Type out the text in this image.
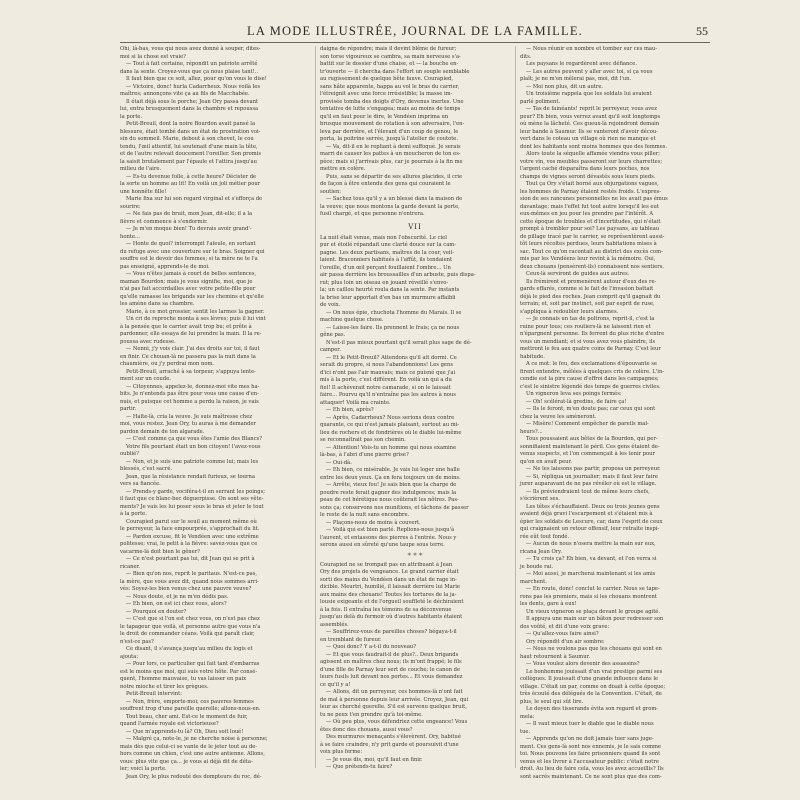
LA MODE ILLUSTRÉE, JOURNAL DE LA FAMILLE.	55
Ohi, là-bas, vous qui nous avez donné à souper, dites-
moi si la chose est vraie?
— Tout à fait certaine, répondit un patriote arrêté
dans la sente. Croyez-vous que ça nous plaise tant!..
Il faut bien que ce soit, allez, pour qu'on vous le dise!
— Victoire, donc! hurla Cadarrheux. Nous voilà les
maîtres; annonçons vite ça au fils de Macchabée.
Il était déjà sous le porche; Jean Ory passa devant
lui, entra brusquement dans la chambre et repoussa
la porte.
Petit-Breuil, dont la noire Bourdon avait pansé la
blessure, était tombé dans un état de prostration voi-
sin du sommeil. Marie, debout à son chevet, le cou
tendu, l'œil attentif, lui soutenait d'une main la tête,
et de l'autre relevait doucement l'oreiller. Son promis
la saisit brutalement par l'épaule et l'attira jusqu'au
milieu de l'aire.
— Es-tu devenue folle, à cette heure? Décister de
la sorte un homme au lit! En voilà un joli métier pour
une honnête fille!
Marie fixa sur lui son regard virginal et s'efforça de
sourire:
— Ne fais pas de bruit, mon Jean, dit-elle; il a la
fièvre et commence à s'endormir.
— Je m'en moque bien! Tu devrais avoir grand'-
honte...
— Honte de quoi? interrompit l'aïeule, en sortant
du refuge avec une couverture sur le bras. Soigner qui
souffre est le devoir des femmes; si ta mère ne te l'a
pas enseigné, apprends-le de moi.
— Vous n'êtes jamais à court de belles sentences,
maman Bourdon; mais je vous signifie, moi, que je
n'ai pas fait accordailles avec votre petite-fille pour
qu'elle ramasse les brigands sur les chemins et qu'elle
les amène dans sa chambre.
Marie, à ce mot grossier, sentit les larmes la gagner.
Un cri de reproche monta à ses lèvres; puis il lui vint
à la pensée que le carrier avait trop bu; et prête à
pardonner, elle essaya de lui prendre la main. Il la re-
poussa avec rudesse.
— Nenni, j'y vois clair. J'ai des droits sur toi, il faut
en finir. Ce chouan-là ne passera pas la nuit dans la
chaumière, ou j'y perdrai mon nom.
Petit-Breuil, arraché à sa torpeur, s'appuya lente-
ment sur un coude.
— Citoyennes, appelez-le, donnez-moi vite mes ha-
bits. Je n'entends pas être pour vous une cause d'en-
nuis, et puisque cet homme a perdu la raison, je vais
partir.
— Halte-là, cria la veuve. Je suis maîtresse chez
moi, vous restez. Jean Ory, tu auras à me demander
pardon demain de ton algarade.
— C'est comme ça que vous êtes l'amie des Blancs?
Votre fils pourtant était un bon citoyen! l'avez-vous
oublié?
— Non, et je suis une patriote comme lui; mais les
blessés, c'est sacré.
Jean, que la résistance rendait furieux, se tourna
vers sa fiancée.
— Prends-y garde, vociféra-t-il en serrant les poings;
il faut que ce blanc-bec déguerpisse. On sont ses vête-
ments? Je vais les lui poser sous le bras et jeter le tout
à la porte.
Courapied parut sur le seuil au moment même où
le perreyeur, la face empourprée, s'approchait du lit.
— Pardon excuse, fit le Vendéen avec une extrême
politesse; vrai, le petit à la fièvre: savez-vous que ce
vacarme-là doit bien le gêner?
— Ce n'est pourtant pas lui, dit Jean qui se prit à
ricaner.
— Bien qu'on nos, reprit le paritaus. N'est-ce pas,
la mère, que vous avez dit, quand nous sommes arri-
vés: Soyez-les bien venus chez une pauvre veuve?
— Nous doute, et je ne m'en dédis pas.
— Eh bien, on est ici chez vous, alors?
— Pourquoi en douter?
— C'est que si l'on est chez vous, on n'est pas chez
le tapageur que voilà, et personne autre que vous n'a
le droit de commander céans. Voilà qui paraît clair,
n'est-ce pas?
Ce disant, il s'avança jusqu'au milieu du logis et
ajouta:
— Pour lors, ce particulier qui fait tant d'embarras
est le moins que moi, qui suis votre hôte. Par consé-
quent, l'homme mauvaise, tu vas laisser en paix
notre mioche et tirer les grègues.
Petit-Breuil intervint:
— Non, frère, emporte-moi; ces pauvres femmes
souffrent trop d'une pareille querelle; allons-nous-en.
Tout beau, cher ami. Est-ce le moment de fuir,
quand l'armée royale est victorieuse?
— Que m'apprends-tu là? Oh, Dieu soit loué!
— Malgré ça, note-le, je ne cherche noise à personne;
mais dès que celui-ci se vante de le jeter tout au de-
hors comme un chien, c'est une autre antienne. Allons,
vous: plus vite que ça... je vous ai déjà dit de déta-
ler; voici la porte.
Jean Ory, le plus redouté des dompteurs du roc, dé-
daigna de répondre; mais il devint blême de fureur;
son torse vigoureux se cambra, sa main nerveuse s'a-
battit sur le dossier d'une chaise, et — la bouche en-
tr'ouverte — il chercha dans l'effort un souple semblable
au rugissement de quelque bête fauve. Courapied,
sans hâte apparente, happa au vol le bras du carrier,
l'étreignit avec une force irrésistible; la masse im-
provisée tomba des doigts d'Ory, devenus inertes. Une
tentative de lutte s'engagea; mais au moins de temps
qu'il en faut pour le dire, le Vendéen imprima un
brusque mouvement de rotation à son adversaire, l'en-
leva par derrière, et l'élevant d'un coup de genou, le
porta, la poitrine serrée, jusqu'à l'atelier de coutote.
— Va, dit-il en le repliant à demi suffoqué. Je serais
marri de causer les pattes à un moucheron de ton es-
pèce; mais si j'arrivais plus, car je pourrais à la fin me
mettre en colère.
Puis, sans se départir de ses allures placides, il crie
de façon à être entendu des gens qui couraient le
soutien:
— Sachez tous qu'il y a un blessé dans la maison de
la veuve; que nous montons la garde devant la porte,
fusil chargé, et que personne n'entrera.
VII
La nuit était venue, mais non l'obscurité. Le ciel
pur et étoilé répandait une clarté douce sur la cam-
pagne. Les deux partisans, maîtres de la cour, veil-
laient. Braconniers habitués à l'affût, ils tendaient
l'oreille, d'un œil perçant fouillaient l'ombre... Un
air passa derrière les broussailles d'un arbuste, puis dispa-
rut; plus loin un oiseau en jouant réveillé s'envo-
la; un caillou heurté roula dans la sente. Par instants
la brise leur apportait d'en bas un murmure affaibli
de voix.
— On nous épie, chuchota l'homme du Marais. Il se
machine quelque chose.
— Laisse-les faire. Ils prennent le frais; ça ne nous
gêne pas.
N'est-il pas mieux pourtant qu'il serait plus sage de dé-
camper.
— Et le Petit-Breuil? Attendons qu'il ait dormi. Ce
serait du propre, si nous l'abandonnions! Les gens
d'ici n'ont pas l'air mauvais; mais ce puisné que j'ai
mis à la porte, c'est différent. En voilà un qui a du
fiel! Il achèverait notre camarade, si on le laissait
faire... Pourvu qu'il n'entraîne pas les autres à nous
attaquer! Voilà ma crainte.
— Eh bien, après?
— Après, Cadarrheux? Nous serions deux contre
quarante, ce qui n'est jamais plaisant, surtout au mi-
lieu de rochers et de fondrières où le diable lui-même
se reconnaîtrait pas son chemin.
— Attention! Vois-tu un homme qui nous examine
là-bas, à l'abri d'une pierre grise?
— Oui-dà.
— Eh bien, ce misérable. Je vais lui loger une balle
entre les deux yeux. Ça en fera toujours un de moins.
— Arrête, vieux fou! Je sais bien que la charge de
poudre reste ferait gagner des indulgences; mais la
peau de cet hérétique nous coûterait les nôtres. Pas-
sons ça; conservons nos munitions, et tâchons de passer
le reste de la nuit sans encombre.
— Plaçons-nous de moins à couvert.
— Voilà qui est bien parlé. Replions-nous jusqu'à
l'auvent, et entassons des pierres à l'entrée. Nous y
serons aussi en sûreté qu'une taupe sous terre.
* * *
Courapied ne se trompait pas en attribuant à Jean
Ory des projets de vengeance. Le grand carrier était
sorti des mains du Vendéen dans un état de rage in-
dicible. Meurtri, humilié, il laissait derrière lui Marie
aux mains des chouans! Toutes les tortures de la ja-
lousie exigeante et de l'orgueil souffleté le déchiraient
à la fois. Il entraîna les témoins de sa déconvenue
jusqu'au delà du fermoir où d'autres habitants étaient
assemblés.
— Souffrirez-vous de pareilles choses? bégaya-t-il
en tremblant de fureur.
— Quoi donc? Y a-t-il du nouveau?
— Et que vous faudrait-il de plus?.. Deux brigands
agissent en maîtres chez nous; ils m'ont frappé; le fils
d'une fille de Parnay leur sert de couche; le canon de
leurs fusils luit devant nos portes... Et vous demandez
ce qu'il y a!
— Allons, dit un perreyeur, ces hommes-là n'ont fait
de mal à personne depuis leur arrivée. Croyez, Jean, qui
leur as cherché querelle. S'il est survenu quelque bruit,
tu ne peux t'en prendre qu'à toi-même.
— Où peu plus, vous défendriez cette engeance! Vous
êtes donc des chouans, aussi vous?
Des murmures menaçants s'élevèrent. Ory, habitué
à se faire craindre, n'y prit garde et poursuivit d'une
voix plus ferme:
— Je vous dis, moi, qu'il faut en finir.
— Que prétends-tu faire?
— Nous réunir en nombre et tomber sur ces mau-
dits.
Les paysans le regardèrent avec défiance.
— Les autres peuvent y aller avec toi, si ça vous
plaît; je ne m'en mêlerai pas, moi, dit l'un.
— Moi non plus, dit un autre.
Un troisième rappela que les soldats lui avaient
parlé poliment.
— Tas de fainéants! reprit le perreyeur, vous avez
peur? Eh bien, vous verrez avant qu'il soit longtemps
où mène la lâcheté. Ces gueux-là rejoindront demain
leur bande à Saumur. Ils se vanteront d'avoir décou-
vert dans le coteau un village où rien ne manque et
dont les habitants sont moins hommes que des femmes.
Alors toute la séquelle affamée viendra vous piller;
votre vin, vos meubles passeront sur leurs charrettes;
l'argent caché disparaîtra dans leurs poches, nos
champs de vignes seront dévastés sous leurs pieds.
Tout ça Ory s'était borné aux objurgations vagues,
les hommes de Parnay étaient restés froids. L'expres-
sion de ses rancunes personnelles ne les avait pas émus
davantage; mais l'effet fut tout autre lorsqu'il les eut
eux-mêmes en jeu pour les prendre par l'intérêt. A
cette époque de troubles et d'incertitudes, qui n'était
prompt à trembler pour soi? Les paysans, au tableau
de pillage tracé par le carrier, se représentèrent aussi-
tôt leurs récoltes perdues, leurs habitations mises à
sac. Tout ce qu'on racontait au district des excès com-
mis par les Vendéens leur revint à la mémoire. Oui,
deux chouans (pensèrent-ils) connaissent nos sentiers.
Ceux-là serviront de guides aux autres.
Ils frémirent et promenèrent autour d'eux des re-
gards effarés, comme si le fait de l'invasion battait
déjà le pied des roches. Jean comprit qu'il gagnait du
terrain; et, soit par instinct, soit par esprit de ruse,
s'appliqua à redoubler leurs alarmes.
— Je connais un tas de poltrons, reprit-il, c'est la
ruine pour tous; ces routiers-là ne laissent rien et
n'épargnent personne. Ils ferrent du plus riche d'entre
vous un mendiant; et si vous avez vous plaindre, ils
mettront le feu aux quatre coins de Parnay. C'est leur
habitude.
A ce mot: le feu, des exclamations d'épouvante se
firent entendre, mêlées à quelques cris de colère. L'in-
cendie est la pire cause d'effroi dans les campagnes;
c'est le sinistre légendé des temps de guerres civiles.
Un vigneron leva ses poings fermés:
— Oh! scélérat-là gredins, de faire ça!
— Ils le feront, m'en doute pas; car ceux qui sont
chez la veuve les amèneront.
— Misère! Comment empêcher de pareils mal-
heurs?...
Tous poussaient aux bêtes de la Bourdon, qui per-
sonnifiaient maintenant le péril. Ces gens étaient de-
venus suspects, et l'on commençait à les tenir pour
qu'on en avait peur.
— Ne les laissons pas partir, proposa un perreyeur.
— Si, répliqua un journalier; mais il faut leur faire
jurer auparavant de ne pas révéler où est le village.
— Ils préviendraient tout de même leurs chefs,
s'écrièrent ses.
Les têtes s'échauffaient. Deux ou trois jeunes gens
avaient déjà gravi l'escarpement et s'étaient mis à
épier les soldats de Lescure, car, dans l'esprit de ceux
qui craignaient un retour offensif, leur retraite inspi-
rée eût tout fondé.
— Aucun de nous n'osera mettre la main sur eux,
ricana Jean Ory.
— Tu crois ça? Eh bien, va devant, et l'on verra si
je boude rai.
— Moi aussi, je marcherai maintenant si les amis
marchent.
— En route, donc! conclut le carrier. Nous se tape-
rons pas les premiers, mais si les chouans montrent
les dents, gare à eux!
Un vieux vigneron se plaça devant le groupe agité.
Il appuya une main sur un bâton pour redresser son
dos voûté, et dit d'une voix grave:
— Qu'allez-vous faire ainsi?
Ory répondit d'un air sombre:
— Nous ne voulons pas que les chouans qui sont en
haut retournent à Saumur.
— Vous voulez alors devenir des assassins?
Le bonhomme jouissait d'un vrai prestige parmi ses
collègues. Il jouissait d'une grande influence dans le
village. C'était un par, comme on disait à cette époque;
très écouté des délégués de la Convention. C'était, de
plus, le seul qui sût lire.
Le doyen des tisserands évita son regard et grom-
mela:
— Il vaut mieux tuer le diable que le diable nous
tue.
— Apprends qu'on ne doit jamais tuer sans juge-
ment. Ces gens-là sont nos ennemis, je le sais comme
toi. Nous pouvons les faire prisonniers quand ils sont
venus et les livrer à l'accusateur public: c'était notre
droit. Au lieu de faire cela, vous les avez accueillis? Ils
sont sacrés maintenant. Ce ne sont plus que des com-
